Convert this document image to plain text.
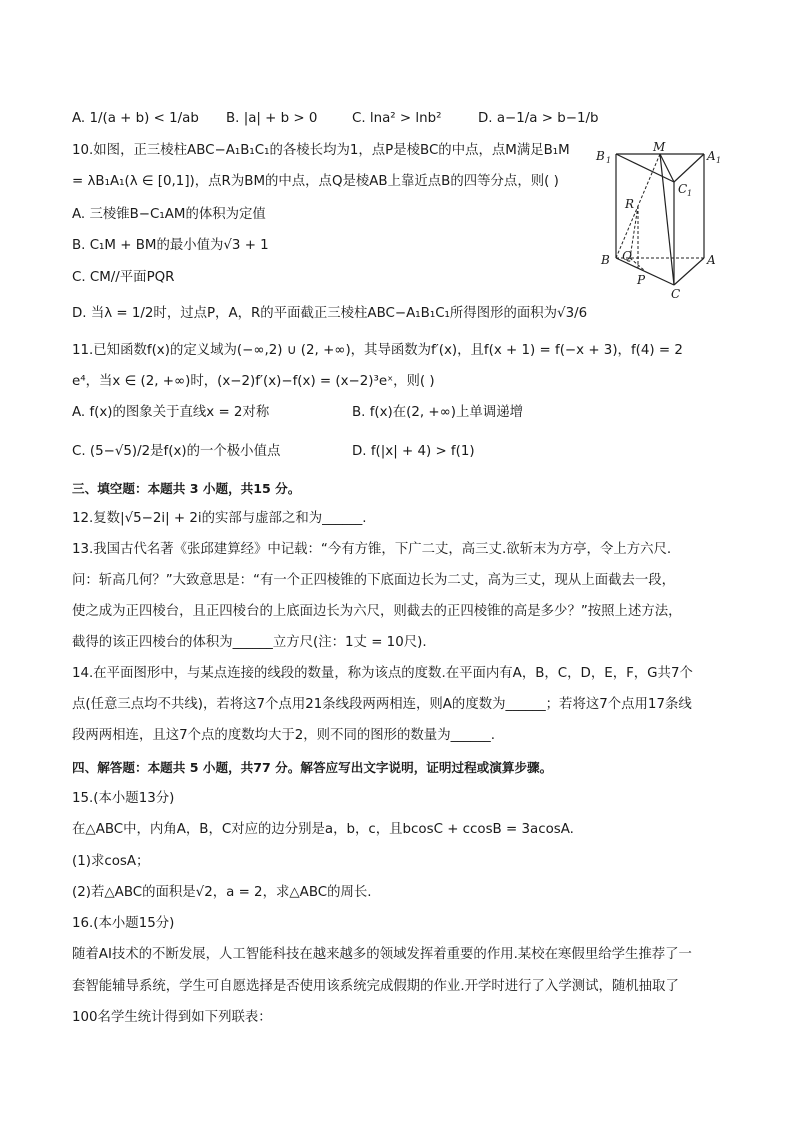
A. 1/(a + b) < 1/ab B. |a| + b > 0	C. lna² > lnb²	D. a−1/a > b−1/b
10.如图，正三棱柱ABC−A₁B₁C₁的各棱长均为1，点P是棱BC的中点，点M满足B₁M
= λB₁A₁(λ ∈ [0,1])，点R为BM的中点，点Q是棱AB上靠近点B的四等分点，则( )
A. 三棱锥B−C₁AM的体积为定值
B. C₁M + BM的最小值为√3 + 1
C. CM//平面PQR
D. 当λ = 1/2时，过点P，A，R的平面截正三棱柱ABC−A₁B₁C₁所得图形的面积为√3/6
B 1
M
A 1
C 1
R
B Q	A
P
C
11.已知函数f(x)的定义域为(−∞,2) ∪ (2, +∞)，其导函数为f′(x)，且f(x + 1) = f(−x + 3)，f(4) = 2
e⁴，当x ∈ (2, +∞)时，(x−2)f′(x)−f(x) = (x−2)³eˣ，则( )
A. f(x)的图象关于直线x = 2对称	B. f(x)在(2, +∞)上单调递增
C. (5−√5)/2是f(x)的一个极小值点	D. f(|x| + 4) > f(1)
三、填空题：本题共 3 小题，共15 分。
12.复数|√5−2i| + 2i的实部与虚部之和为______.
13.我国古代名著《张邱建算经》中记载：“今有方锥，下广二丈，高三丈.欲斩末为方亭，令上方六尺.
问：斩高几何？”大致意思是：“有一个正四棱锥的下底面边长为二丈，高为三丈，现从上面截去一段，
使之成为正四棱台，且正四棱台的上底面边长为六尺，则截去的正四棱锥的高是多少？”按照上述方法，
截得的该正四棱台的体积为______立方尺(注：1丈 = 10尺).
14.在平面图形中，与某点连接的线段的数量，称为该点的度数.在平面内有A，B，C，D，E，F，G共7个
点(任意三点均不共线)，若将这7个点用21条线段两两相连，则A的度数为______；若将这7个点用17条线
段两两相连，且这7个点的度数均大于2，则不同的图形的数量为______.
四、解答题：本题共 5 小题，共77 分。解答应写出文字说明，证明过程或演算步骤。
15.(本小题13分)
在△ABC中，内角A，B，C对应的边分别是a，b，c，且bcosC + ccosB = 3acosA.
(1)求cosA；
(2)若△ABC的面积是√2，a = 2，求△ABC的周长.
16.(本小题15分)
随着AI技术的不断发展，人工智能科技在越来越多的领域发挥着重要的作用.某校在寒假里给学生推荐了一
套智能辅导系统，学生可自愿选择是否使用该系统完成假期的作业.开学时进行了入学测试，随机抽取了
100名学生统计得到如下列联表：
